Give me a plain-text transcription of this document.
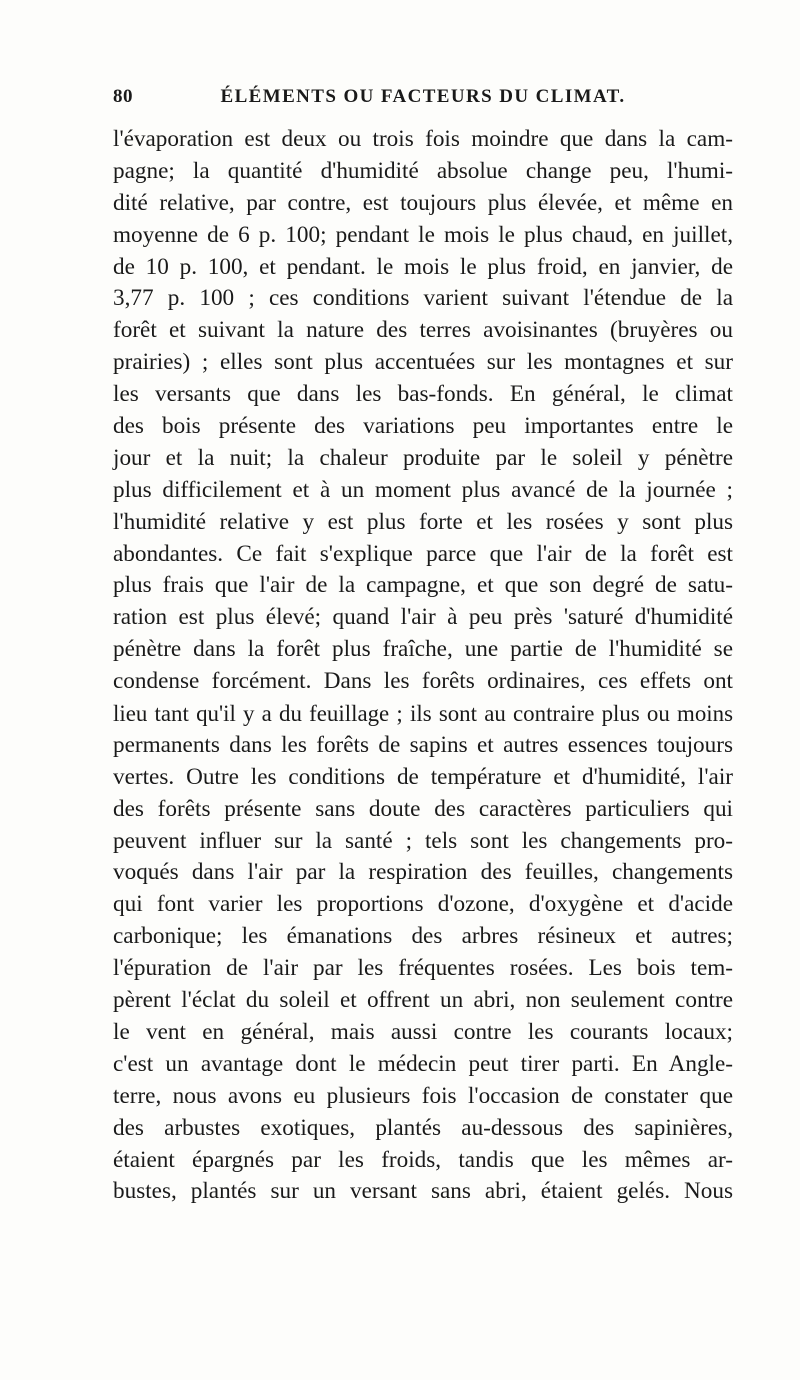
80	ÉLÉMENTS OU FACTEURS DU CLIMAT.
l'évaporation est deux ou trois fois moindre que dans la cam-
pagne; la quantité d'humidité absolue change peu, l'humi-
dité relative, par contre, est toujours plus élevée, et même en
moyenne de 6 p. 100; pendant le mois le plus chaud, en juillet,
de 10 p. 100, et pendant. le mois le plus froid, en janvier, de
3,77 p. 100 ; ces conditions varient suivant l'étendue de la
forêt et suivant la nature des terres avoisinantes (bruyères ou
prairies) ; elles sont plus accentuées sur les montagnes et sur
les versants que dans les bas-fonds. En général, le climat
des bois présente des variations peu importantes entre le
jour et la nuit; la chaleur produite par le soleil y pénètre
plus difficilement et à un moment plus avancé de la journée ;
l'humidité relative y est plus forte et les rosées y sont plus
abondantes. Ce fait s'explique parce que l'air de la forêt est
plus frais que l'air de la campagne, et que son degré de satu-
ration est plus élevé; quand l'air à peu près 'saturé d'humidité
pénètre dans la forêt plus fraîche, une partie de l'humidité se
condense forcément. Dans les forêts ordinaires, ces effets ont
lieu tant qu'il y a du feuillage ; ils sont au contraire plus ou moins
permanents dans les forêts de sapins et autres essences toujours
vertes. Outre les conditions de température et d'humidité, l'air
des forêts présente sans doute des caractères particuliers qui
peuvent influer sur la santé ; tels sont les changements pro-
voqués dans l'air par la respiration des feuilles, changements
qui font varier les proportions d'ozone, d'oxygène et d'acide
carbonique; les émanations des arbres résineux et autres;
l'épuration de l'air par les fréquentes rosées. Les bois tem-
pèrent l'éclat du soleil et offrent un abri, non seulement contre
le vent en général, mais aussi contre les courants locaux;
c'est un avantage dont le médecin peut tirer parti. En Angle-
terre, nous avons eu plusieurs fois l'occasion de constater que
des arbustes exotiques, plantés au-dessous des sapinières,
étaient épargnés par les froids, tandis que les mêmes ar-
bustes, plantés sur un versant sans abri, étaient gelés. Nous
